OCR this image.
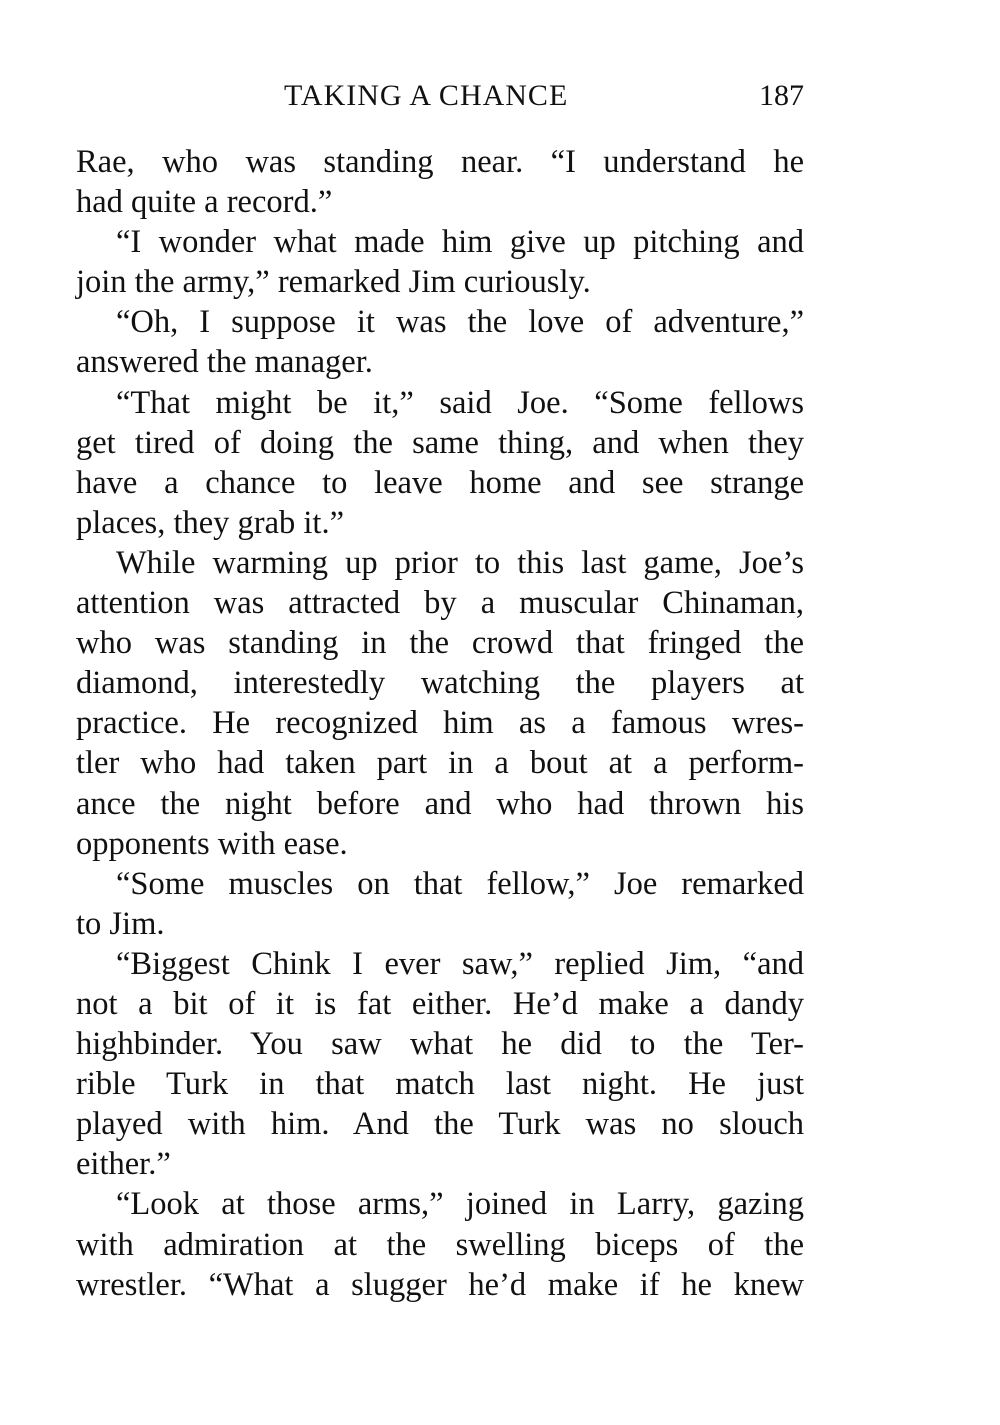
TAKING A CHANCE	187
Rae, who was standing near. “I understand he
had quite a record.”
“I wonder what made him give up pitching and
join the army,” remarked Jim curiously.
“Oh, I suppose it was the love of adventure,”
answered the manager.
“That might be it,” said Joe. “Some fellows
get tired of doing the same thing, and when they
have a chance to leave home and see strange
places, they grab it.”
While warming up prior to this last game, Joe’s
attention was attracted by a muscular Chinaman,
who was standing in the crowd that fringed the
diamond, interestedly watching the players at
practice. He recognized him as a famous wres-
tler who had taken part in a bout at a perform-
ance the night before and who had thrown his
opponents with ease.
“Some muscles on that fellow,” Joe remarked
to Jim.
“Biggest Chink I ever saw,” replied Jim, “and
not a bit of it is fat either. He’d make a dandy
highbinder. You saw what he did to the Ter-
rible Turk in that match last night. He just
played with him. And the Turk was no slouch
either.”
“Look at those arms,” joined in Larry, gazing
with admiration at the swelling biceps of the
wrestler. “What a slugger he’d make if he knew
